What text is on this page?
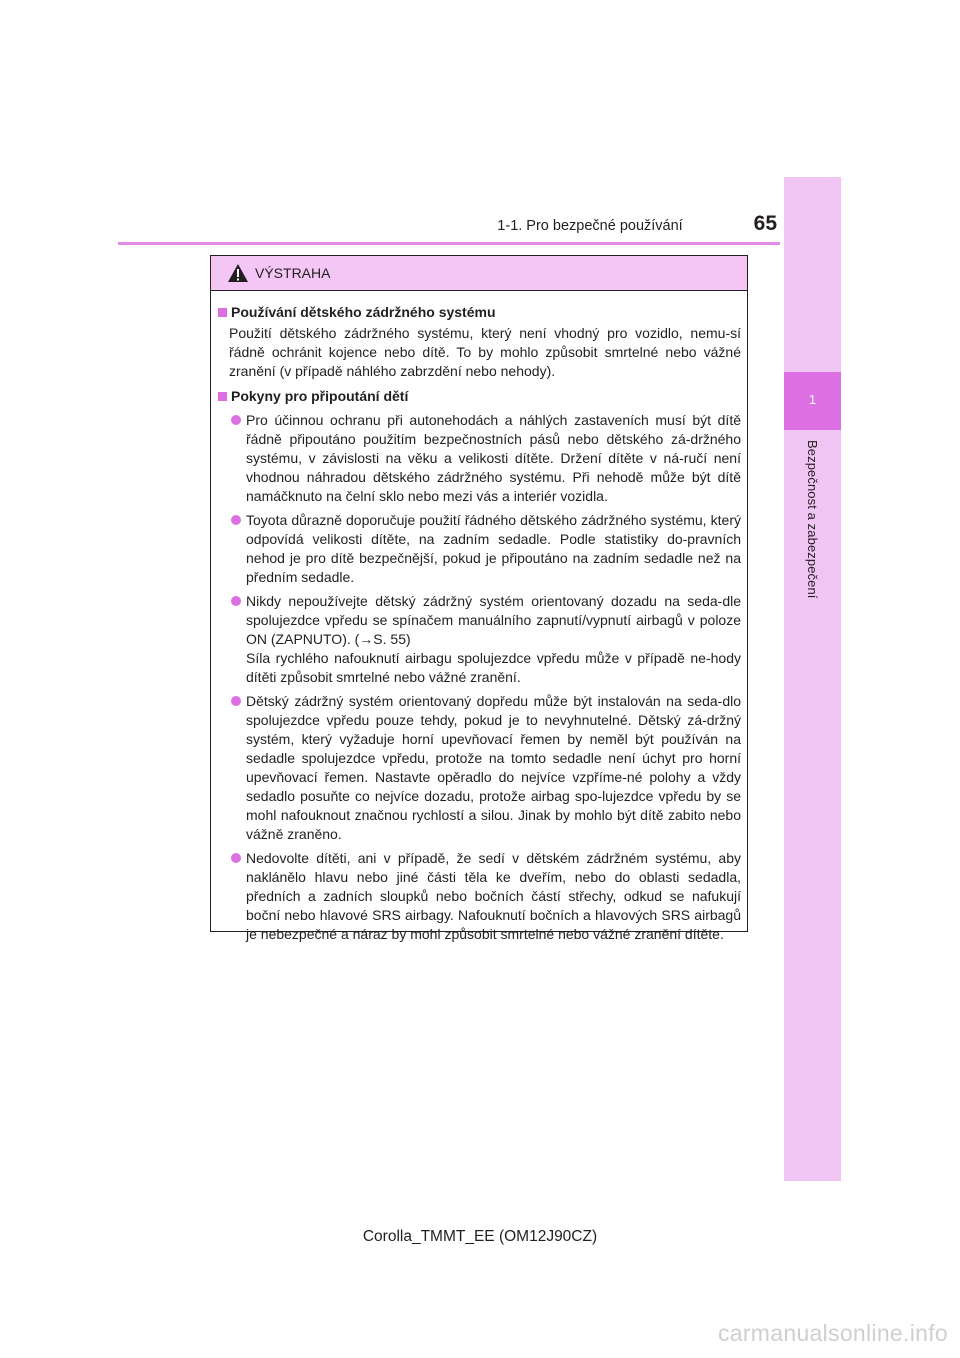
1-1. Pro bezpečné používání	65
1
Bezpečnost a zabezpečení
VÝSTRAHA
Používání dětského zádržného systému
Použití dětského zádržného systému, který není vhodný pro vozidlo, nemu-sí řádně ochránit kojence nebo dítě. To by mohlo způsobit smrtelné nebo vážné zranění (v případě náhlého zabrzdění nebo nehody).
Pokyny pro připoutání dětí
Pro účinnou ochranu při autonehodách a náhlých zastaveních musí být dítě řádně připoutáno použitím bezpečnostních pásů nebo dětského zá-držného systému, v závislosti na věku a velikosti dítěte. Držení dítěte v ná-ručí není vhodnou náhradou dětského zádržného systému. Při nehodě může být dítě namáčknuto na čelní sklo nebo mezi vás a interiér vozidla.
Toyota důrazně doporučuje použití řádného dětského zádržného systému, který odpovídá velikosti dítěte, na zadním sedadle. Podle statistiky do-pravních nehod je pro dítě bezpečnější, pokud je připoutáno na zadním sedadle než na předním sedadle.

Nikdy nepoužívejte dětský zádržný systém orientovaný dozadu na seda-dle spolujezdce vpředu se spínačem manuálního zapnutí/vypnutí airbagů v poloze ON (ZAPNUTO). (→S. 55)

Síla rychlého nafouknutí airbagu spolujezdce vpředu může v případě ne-hody dítěti způsobit smrtelné nebo vážné zranění.

Dětský zádržný systém orientovaný dopředu může být instalován na seda-dlo spolujezdce vpředu pouze tehdy, pokud je to nevyhnutelné. Dětský zá-držný systém, který vyžaduje horní upevňovací řemen by neměl být používán na sedadle spolujezdce vpředu, protože na tomto sedadle není úchyt pro horní upevňovací řemen. Nastavte opěradlo do nejvíce vzpříme-né polohy a vždy sedadlo posuňte co nejvíce dozadu, protože airbag spo-lujezdce vpředu by se mohl nafouknout značnou rychlostí a silou. Jinak by mohlo být dítě zabito nebo vážně zraněno.
Nedovolte dítěti, ani v případě, že sedí v dětském zádržném systému, aby naklánělo hlavu nebo jiné části těla ke dveřím, nebo do oblasti sedadla, předních a zadních sloupků nebo bočních částí střechy, odkud se nafukují boční nebo hlavové SRS airbagy. Nafouknutí bočních a hlavových SRS airbagů je nebezpečné a náraz by mohl způsobit smrtelné nebo vážné zranění dítěte.
Corolla_TMMT_EE (OM12J90CZ)
carmanualsonline.info
